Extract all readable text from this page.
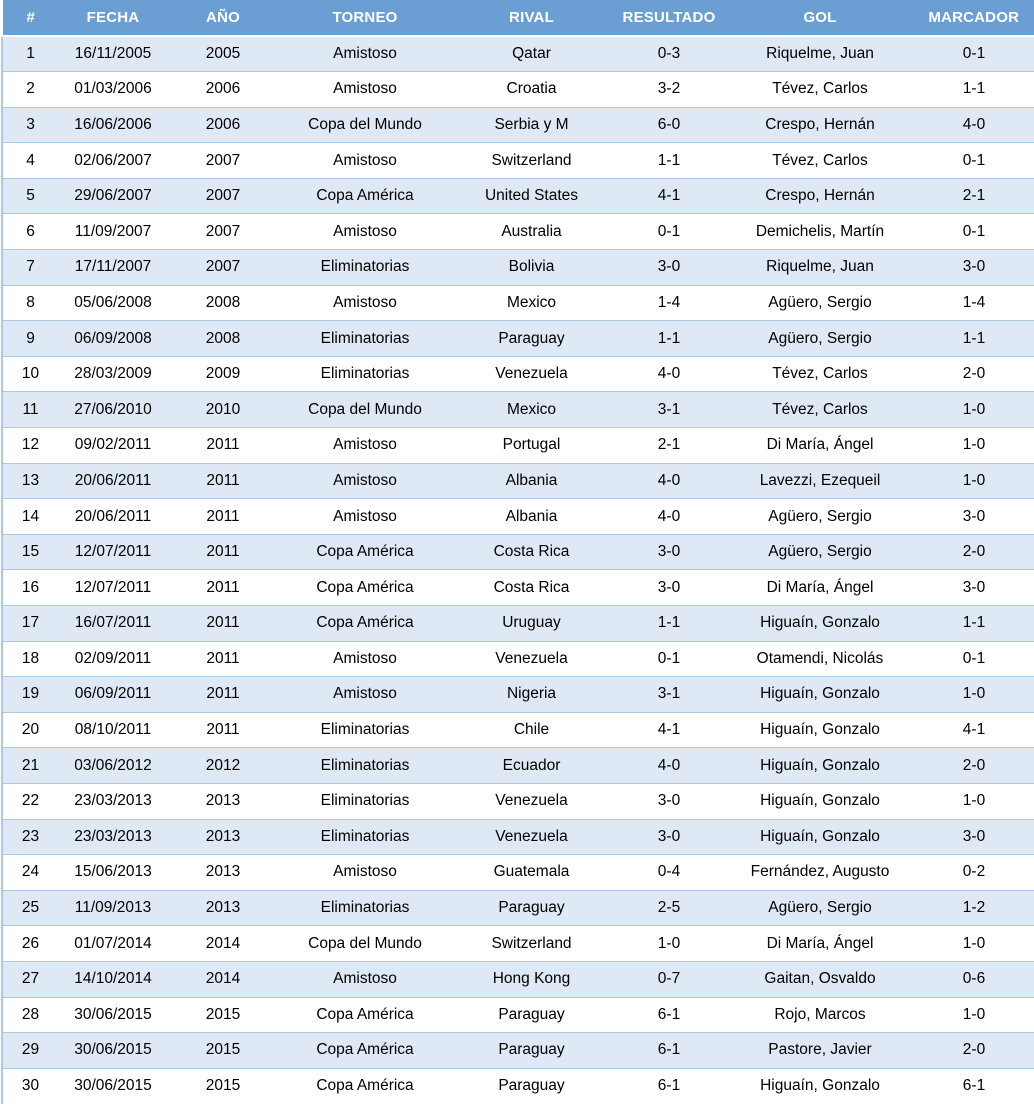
#	FECHA	AÑO	TORNEO	RIVAL	RESULTADO	GOL	MARCADOR
1	16/11/2005	2005	Amistoso	Qatar	0-3	Riquelme, Juan	0-1
2	01/03/2006	2006	Amistoso	Croatia	3-2	Tévez, Carlos	1-1
3	16/06/2006	2006	Copa del Mundo	Serbia y M	6-0	Crespo, Hernán	4-0
4	02/06/2007	2007	Amistoso	Switzerland	1-1	Tévez, Carlos	0-1
5	29/06/2007	2007	Copa América	United States	4-1	Crespo, Hernán	2-1
6	11/09/2007	2007	Amistoso	Australia	0-1	Demichelis, Martín	0-1
7	17/11/2007	2007	Eliminatorias	Bolivia	3-0	Riquelme, Juan	3-0
8	05/06/2008	2008	Amistoso	Mexico	1-4	Agüero, Sergio	1-4
9	06/09/2008	2008	Eliminatorias	Paraguay	1-1	Agüero, Sergio	1-1
10	28/03/2009	2009	Eliminatorias	Venezuela	4-0	Tévez, Carlos	2-0
11	27/06/2010	2010	Copa del Mundo	Mexico	3-1	Tévez, Carlos	1-0
12	09/02/2011	2011	Amistoso	Portugal	2-1	Di María, Ángel	1-0
13	20/06/2011	2011	Amistoso	Albania	4-0	Lavezzi, Ezequeil	1-0
14	20/06/2011	2011	Amistoso	Albania	4-0	Agüero, Sergio	3-0
15	12/07/2011	2011	Copa América	Costa Rica	3-0	Agüero, Sergio	2-0
16	12/07/2011	2011	Copa América	Costa Rica	3-0	Di María, Ángel	3-0
17	16/07/2011	2011	Copa América	Uruguay	1-1	Higuaín, Gonzalo	1-1
18	02/09/2011	2011	Amistoso	Venezuela	0-1	Otamendi, Nicolás	0-1
19	06/09/2011	2011	Amistoso	Nigeria	3-1	Higuaín, Gonzalo	1-0
20	08/10/2011	2011	Eliminatorias	Chile	4-1	Higuaín, Gonzalo	4-1
21	03/06/2012	2012	Eliminatorias	Ecuador	4-0	Higuaín, Gonzalo	2-0
22	23/03/2013	2013	Eliminatorias	Venezuela	3-0	Higuaín, Gonzalo	1-0
23	23/03/2013	2013	Eliminatorias	Venezuela	3-0	Higuaín, Gonzalo	3-0
24	15/06/2013	2013	Amistoso	Guatemala	0-4	Fernández, Augusto	0-2
25	11/09/2013	2013	Eliminatorias	Paraguay	2-5	Agüero, Sergio	1-2
26	01/07/2014	2014	Copa del Mundo	Switzerland	1-0	Di María, Ángel	1-0
27	14/10/2014	2014	Amistoso	Hong Kong	0-7	Gaitan, Osvaldo	0-6
28	30/06/2015	2015	Copa América	Paraguay	6-1	Rojo, Marcos	1-0
29	30/06/2015	2015	Copa América	Paraguay	6-1	Pastore, Javier	2-0
30	30/06/2015	2015	Copa América	Paraguay	6-1	Higuaín, Gonzalo	6-1
